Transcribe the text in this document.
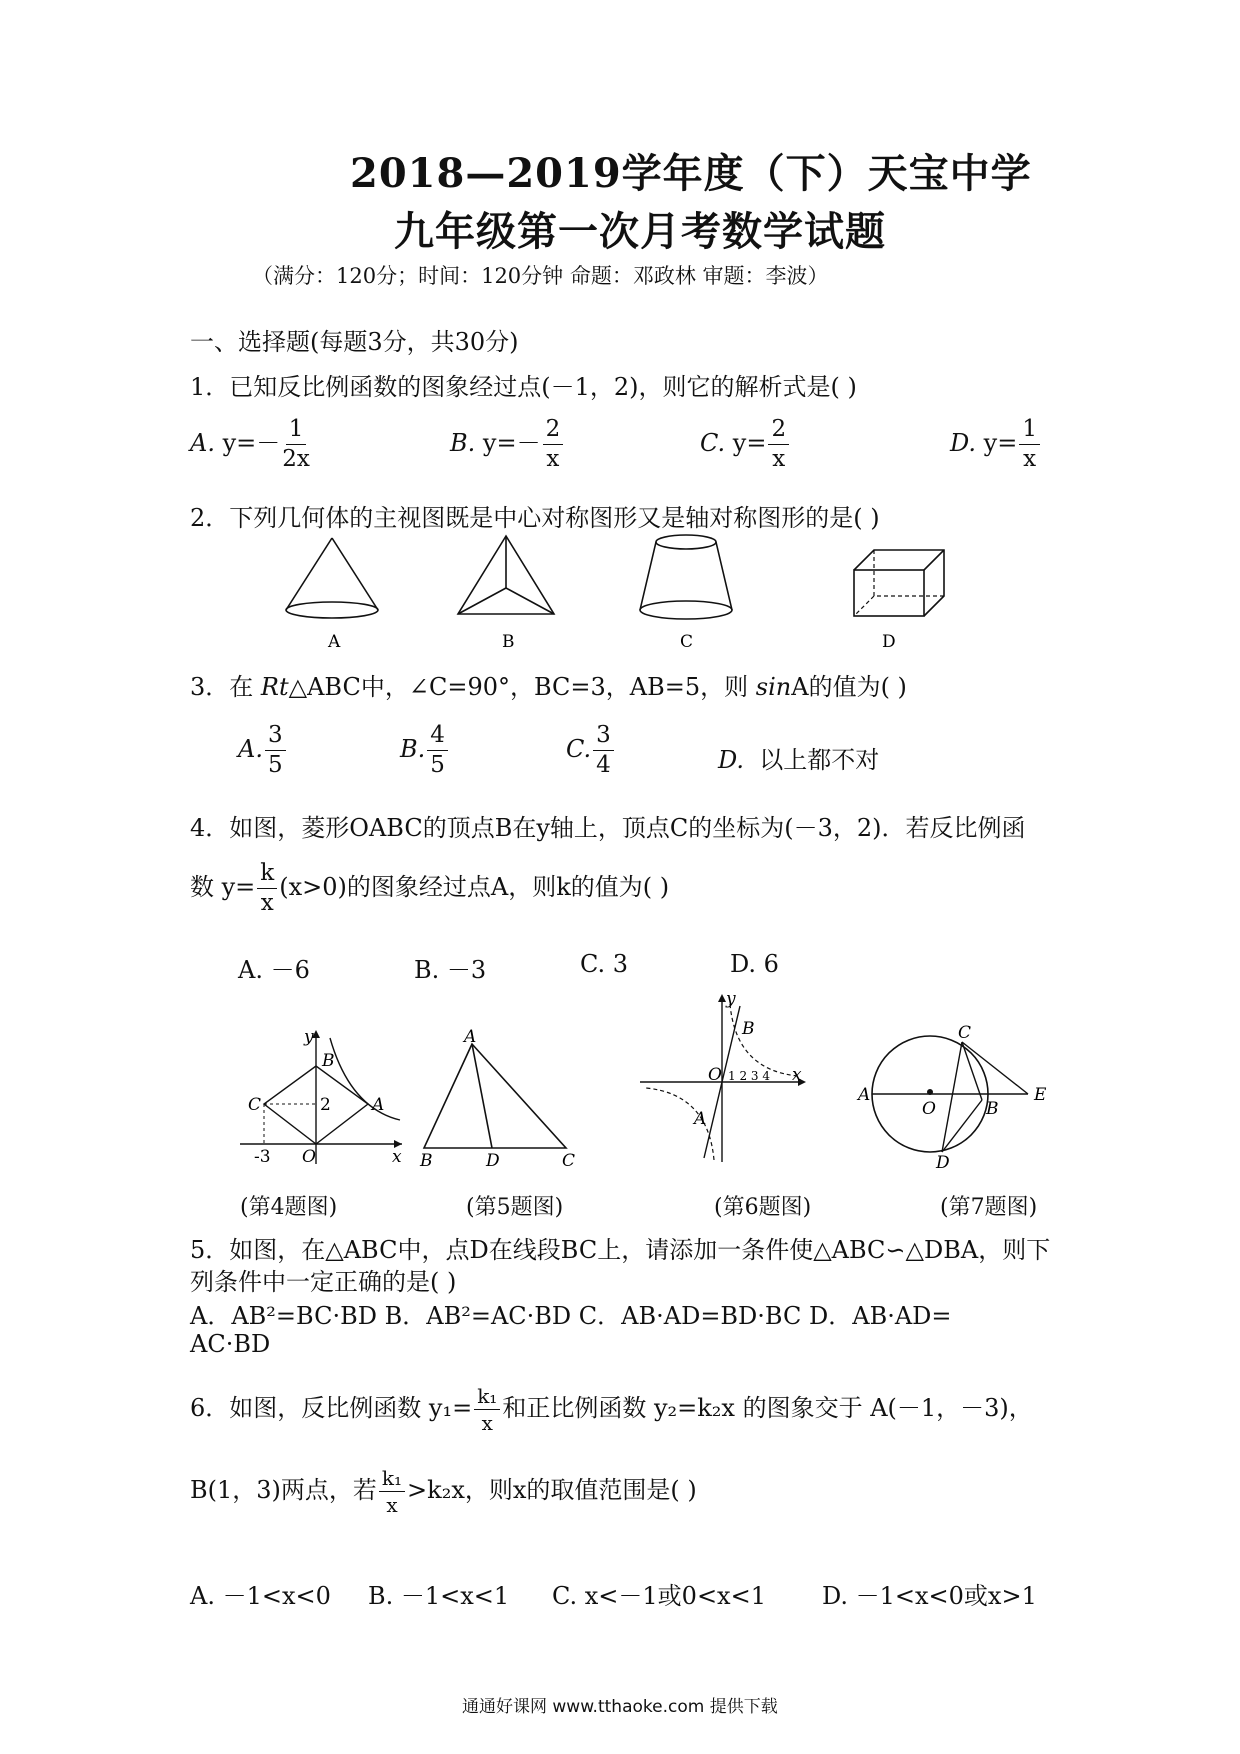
2018—2019学年度（下）天宝中学
九年级第一次月考数学试题
（满分：120分；时间：120分钟 命题：邓政林 审题：李波）
一、选择题(每题3分，共30分)
1．已知反比例函数的图象经过点(－1，2)，则它的解析式是( )
A. $y=- \frac{1}{2x}$	B. $y=- \frac{2}{x}$	C. $y= \frac{2}{x}$	D. $y= \frac{1}{x}$
2．下列几何体的主视图既是中心对称图形又是轴对称图形的是( )
A	B	C	D
3．在 Rt△ABC中，∠C=90°，BC=3，AB=5，则 sinA的值为( )
A. $\frac{3}{5}$	B. $\frac{4}{5}$	C. $\frac{3}{4}$	D. 以上都不对
4．如图，菱形OABC的顶点B在y轴上，顶点C的坐标为(－3，2)．若反比例函
数 $y= \frac{k}{x} (x>0)$的图象经过点A，则k的值为( )
A. －6	B. －3	C. 3	D. 6
y
B
C	A
2
O
-3	x
A
B	D	C
y
B
O
A
1 2 3 4 x
A
O
C
B
D
E
(第4题图)	(第5题图)	(第6题图)	(第7题图)
5．如图，在△ABC中，点D在线段BC上，请添加一条件使△ABC∽△DBA，则下
列条件中一定正确的是( )
A．AB²=BC·BD B．AB²=AC·BD C．AB·AD=BD·BC D．AB·AD=
AC·BD
6．如图，反比例函数 $y_1= \frac{\text{k₁}}{x}$ 和正比例函数 y₂=k₂x 的图象交于 A(－1，－3)，
B(1，3)两点，若 $\frac{\text{k₁}}{x} >k_2x$，则x的取值范围是( )
A. －1<x<0 B. －1<x<1 C. x<－1或0<x<1 D. －1<x<0或x>1
通通好课网 www.tthaoke.com 提供下载
